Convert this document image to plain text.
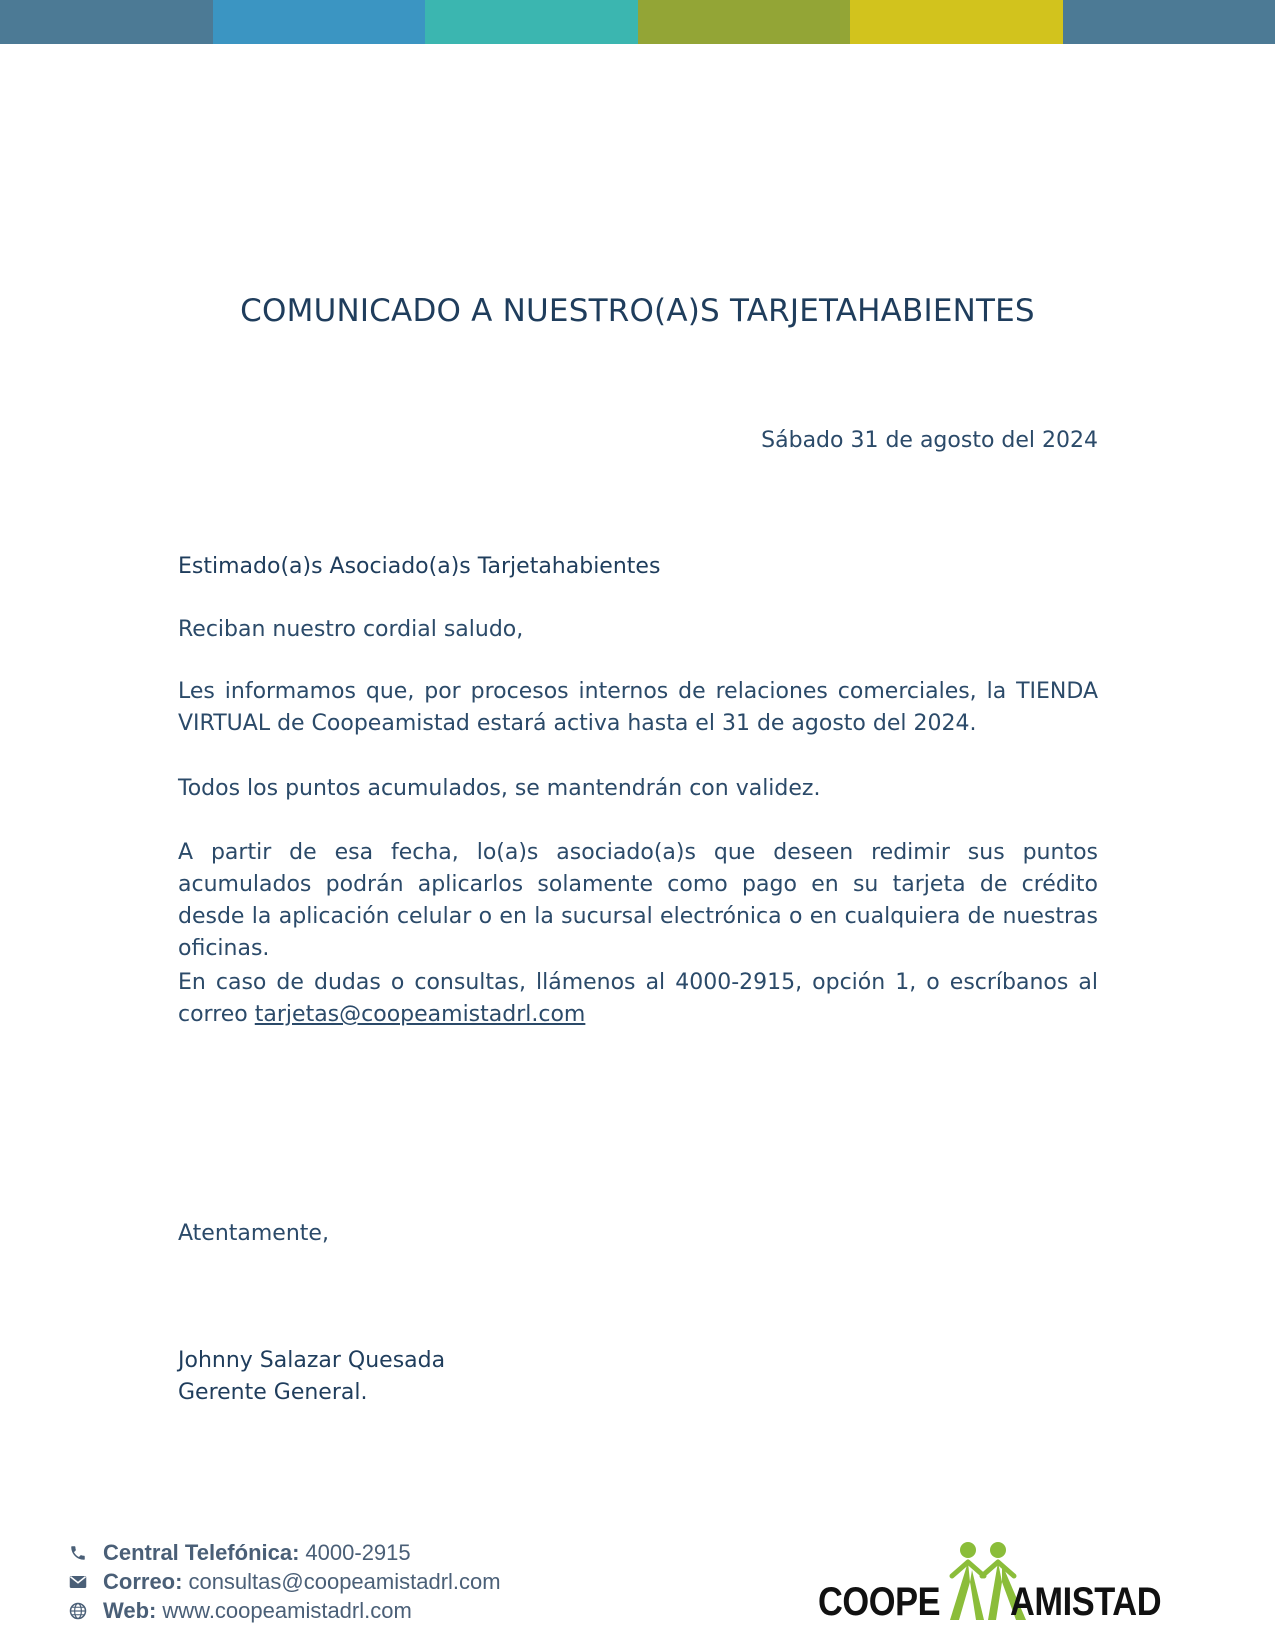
COMUNICADO A NUESTRO(A)S TARJETAHABIENTES

Sábado 31 de agosto del 2024

Estimado(a)s Asociado(a)s Tarjetahabientes

Reciban nuestro cordial saludo,

Les informamos que, por procesos internos de relaciones comerciales, la TIENDA VIRTUAL de Coopeamistad estará activa hasta el 31 de agosto del 2024.

Todos los puntos acumulados, se mantendrán con validez.

A partir de esa fecha, lo(a)s asociado(a)s que deseen redimir sus puntos acumulados podrán aplicarlos solamente como pago en su tarjeta de crédito desde la aplicación celular o en la sucursal electrónica o en cualquiera de nuestras oficinas.

En caso de dudas o consultas, llámenos al 4000-2915, opción 1, o escríbanos al correo tarjetas@coopeamistadrl.com

Atentamente,

Johnny Salazar Quesada

Gerente General.

Central Telefónica: 4000-2915
Correo: consultas@coopeamistadrl.com
Web: www.coopeamistadrl.com	COOPE AMISTAD
